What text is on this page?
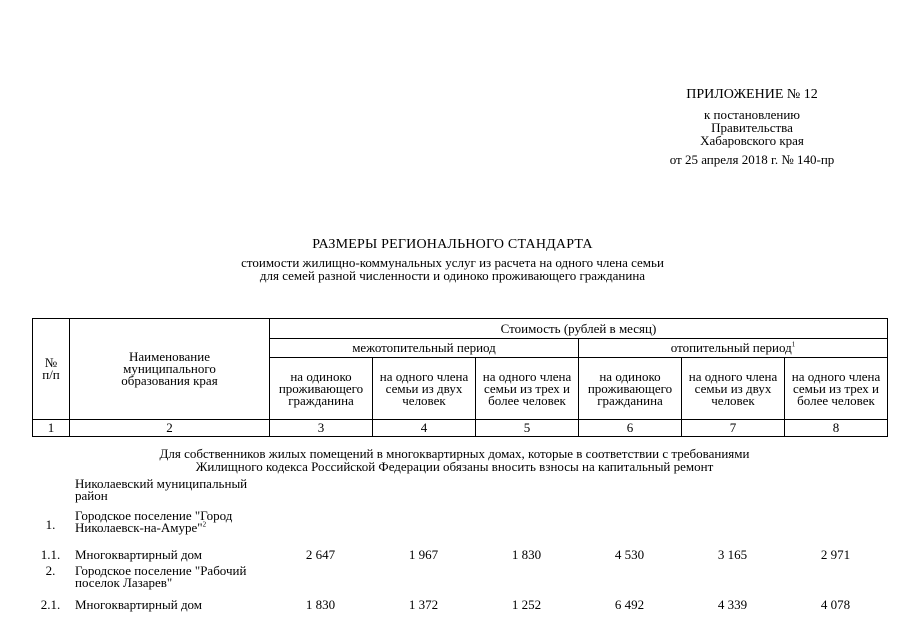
ПРИЛОЖЕНИЕ № 12
к постановлению
Правительства
Хабаровского края
от 25 апреля 2018 г. № 140-пр
РАЗМЕРЫ РЕГИОНАЛЬНОГО СТАНДАРТА
стоимости жилищно-коммунальных услуг из расчета на одного члена семьи
для семей разной численности и одиноко проживающего гражданина
№ п/п	Наименование муниципального образования края	Стоимость (рублей в месяц)					
		межотопительный период			отопительный период$^1$
		на одиноко проживающего гражданина	на одного члена семьи из двух человек	на одного члена семьи из трех и более человек	на одиноко проживающего гражданина	на одного члена семьи из двух человек	на одного члена семьи из трех и более человек
1	2	3	4	5	6	7	8
Для собственников жилых помещений в многоквартирных домах, которые в соответствии с требованиями
Жилищного кодекса Российской Федерации обязаны вносить взносы на капитальный ремонт
	Николаевский муниципальный район						
1.	Городское поселение "Город Николаевск-на-Амуре"$^2$						
1.1.	Многоквартирный дом	2 647	1 967	1 830	4 530	3 165	2 971
2.	Городское поселение "Рабочий поселок Лазарев"						
2.1.	Многоквартирный дом	1 830	1 372	1 252	6 492	4 339	4 078
